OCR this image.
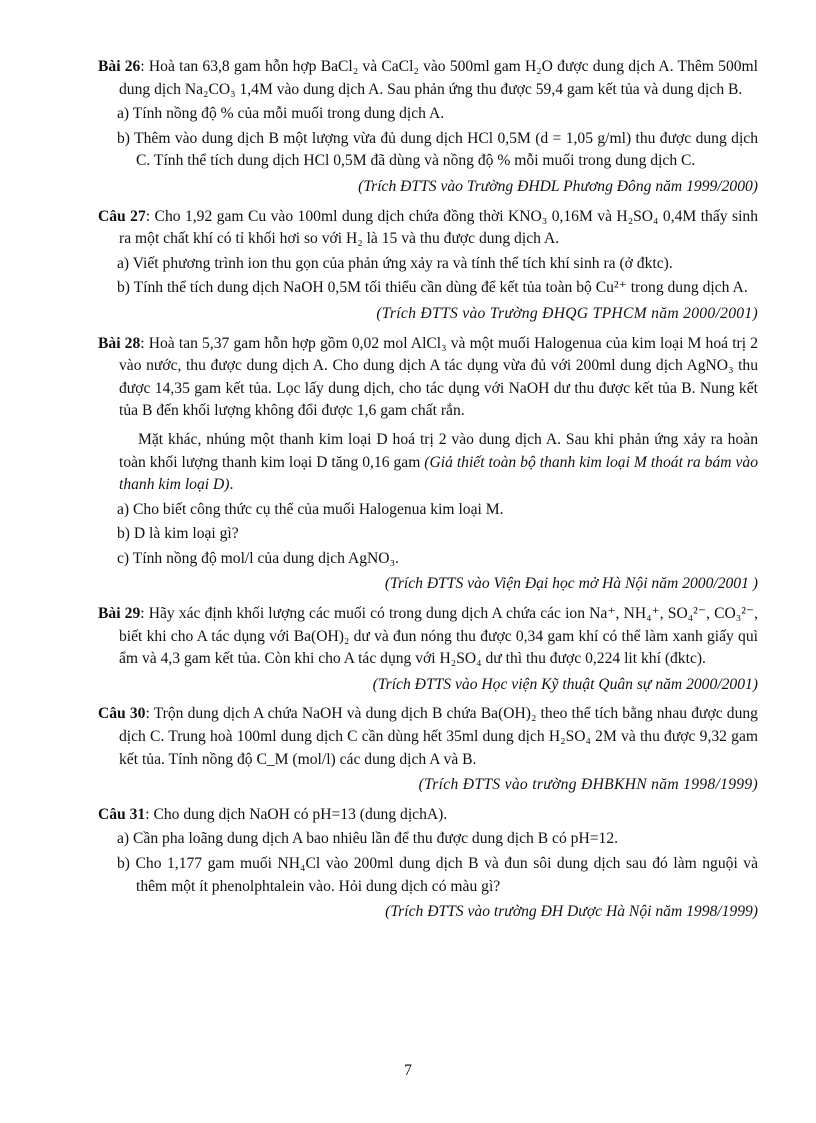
Bài 26: Hoà tan 63,8 gam hỗn hợp BaCl₂ và CaCl₂ vào 500ml gam H₂O được dung dịch A. Thêm 500ml dung dịch Na₂CO₃ 1,4M vào dung dịch A. Sau phản ứng thu được 59,4 gam kết tủa và dung dịch B.
a) Tính nồng độ % của mỗi muối trong dung dịch A.
b) Thêm vào dung dịch B một lượng vừa đủ dung dịch HCl 0,5M (d = 1,05 g/ml) thu được dung dịch C. Tính thể tích dung dịch HCl 0,5M đã dùng và nồng độ % mỗi muối trong dung dịch C.
(Trích ĐTTS vào Trường ĐHDL Phương Đông năm 1999/2000)
Câu 27: Cho 1,92 gam Cu vào 100ml dung dịch chứa đồng thời KNO₃ 0,16M và H₂SO₄ 0,4M thấy sinh ra một chất khí có tỉ khối hơi so với H₂ là 15 và thu được dung dịch A.
a) Viết phương trình ion thu gọn của phản ứng xảy ra và tính thể tích khí sinh ra (ở đktc).
b) Tính thể tích dung dịch NaOH 0,5M tối thiểu cần dùng để kết tủa toàn bộ Cu²⁺ trong dung dịch A.
(Trích ĐTTS vào Trường ĐHQG TPHCM năm 2000/2001)
Bài 28: Hoà tan 5,37 gam hỗn hợp gồm 0,02 mol AlCl₃ và một muối Halogenua của kim loại M hoá trị 2 vào nước, thu được dung dịch A. Cho dung dịch A tác dụng vừa đủ với 200ml dung dịch AgNO₃ thu được 14,35 gam kết tủa. Lọc lấy dung dịch, cho tác dụng với NaOH dư thu được kết tủa B. Nung kết tủa B đến khối lượng không đổi được 1,6 gam chất rắn.
Mặt khác, nhúng một thanh kim loại D hoá trị 2 vào dung dịch A. Sau khi phản ứng xảy ra hoàn toàn khối lượng thanh kim loại D tăng 0,16 gam (Giả thiết toàn bộ thanh kim loại M thoát ra bám vào thanh kim loại D).
a) Cho biết công thức cụ thể của muối Halogenua kim loại M.
b) D là kim loại gì?
c) Tính nồng độ mol/l của dung dịch AgNO₃.
(Trích ĐTTS vào Viện Đại học mở Hà Nội năm 2000/2001 )
Bài 29: Hãy xác định khối lượng các muối có trong dung dịch A chứa các ion Na⁺, NH₄⁺, SO₄²⁻, CO₃²⁻, biết khi cho A tác dụng với Ba(OH)₂ dư và đun nóng thu được 0,34 gam khí có thể làm xanh giấy quì ẩm và 4,3 gam kết tủa. Còn khi cho A tác dụng với H₂SO₄ dư thì thu được 0,224 lit khí (đktc).
(Trích ĐTTS vào Học viện Kỹ thuật Quân sự năm 2000/2001)
Câu 30: Trộn dung dịch A chứa NaOH và dung dịch B chứa Ba(OH)₂ theo thể tích bằng nhau được dung dịch C. Trung hoà 100ml dung dịch C cần dùng hết 35ml dung dịch H₂SO₄ 2M và thu được 9,32 gam kết tủa. Tính nồng độ C_M (mol/l) các dung dịch A và B.
(Trích ĐTTS vào trường ĐHBKHN năm 1998/1999)
Câu 31: Cho dung dịch NaOH có pH=13 (dung dịchA).
a) Cần pha loãng dung dịch A bao nhiêu lần để thu được dung dịch B có pH=12.
b) Cho 1,177 gam muối NH₄Cl vào 200ml dung dịch B và đun sôi dung dịch sau đó làm nguội và thêm một ít phenolphtalein vào. Hỏi dung dịch có màu gì?
(Trích ĐTTS vào trường ĐH Dược Hà Nội năm 1998/1999)
7
